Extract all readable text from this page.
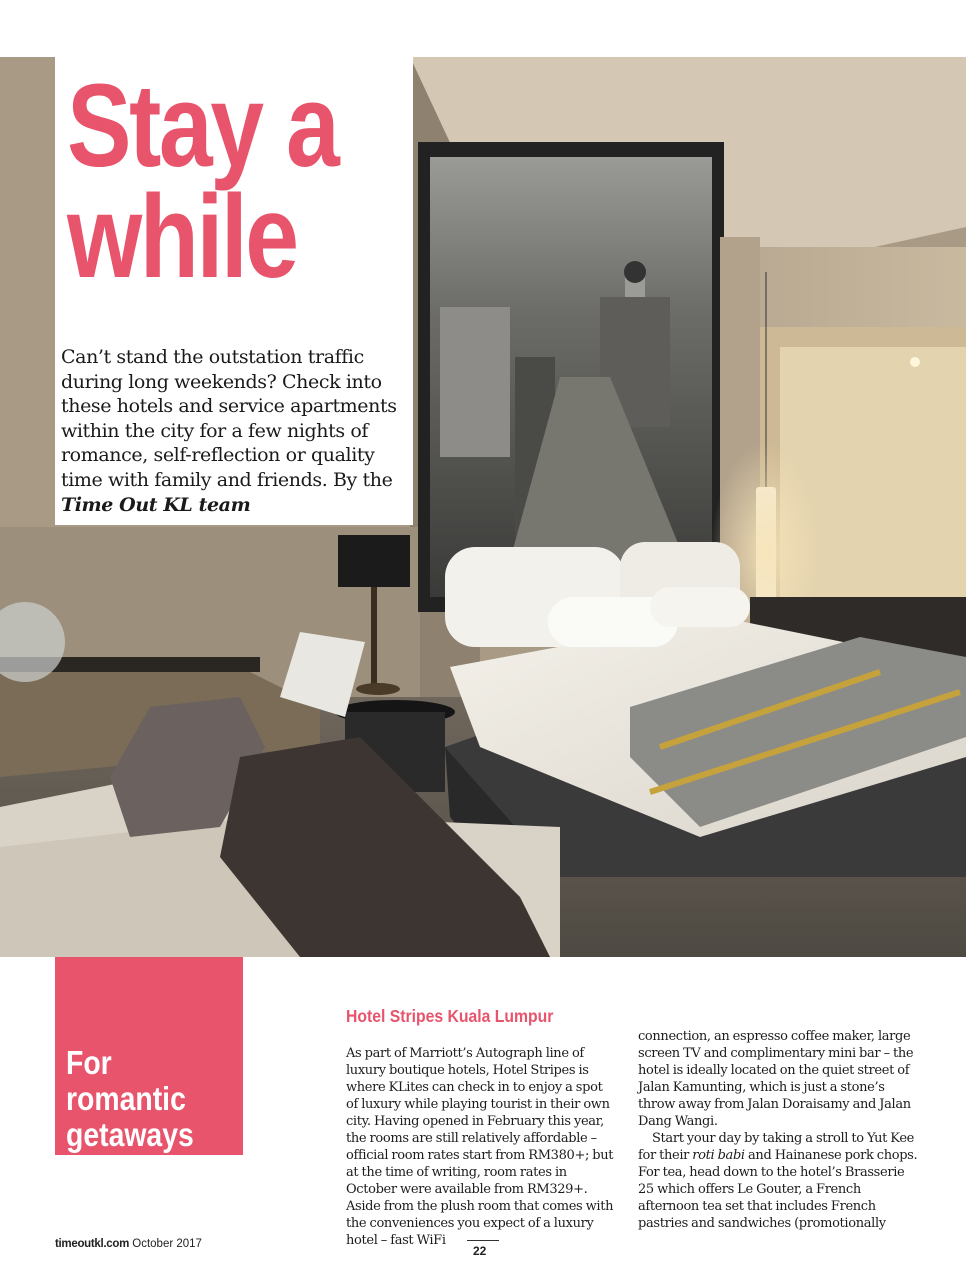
Stay a
while

Can’t stand the outstation traffic during long weekends? Check into these hotels and service apartments within the city for a few nights of romance, self-reflection or quality time with family and friends. By the Time Out KL team

For
romantic
getaways
Hotel Stripes Kuala Lumpur

As part of Marriott’s Autograph line of luxury boutique hotels, Hotel Stripes is where KLites can check in to enjoy a spot of luxury while playing tourist in their own city. Having opened in February this year, the rooms are still relatively affordable – official room rates start from RM380+; but at the time of writing, room rates in October were available from RM329+. Aside from the plush room that comes with the conveniences you expect of a luxury hotel – fast WiFi

connection, an espresso coffee maker, large screen TV and complimentary mini bar – the hotel is ideally located on the quiet street of Jalan Kamunting, which is just a stone’s throw away from Jalan Doraisamy and Jalan Dang Wangi.

Start your day by taking a stroll to Yut Kee for their roti babi and Hainanese pork chops. For tea, head down to the hotel’s Brasserie 25 which offers Le Gouter, a French afternoon tea set that includes French pastries and sandwiches (promotionally

timeoutkl.com October 2017	22
